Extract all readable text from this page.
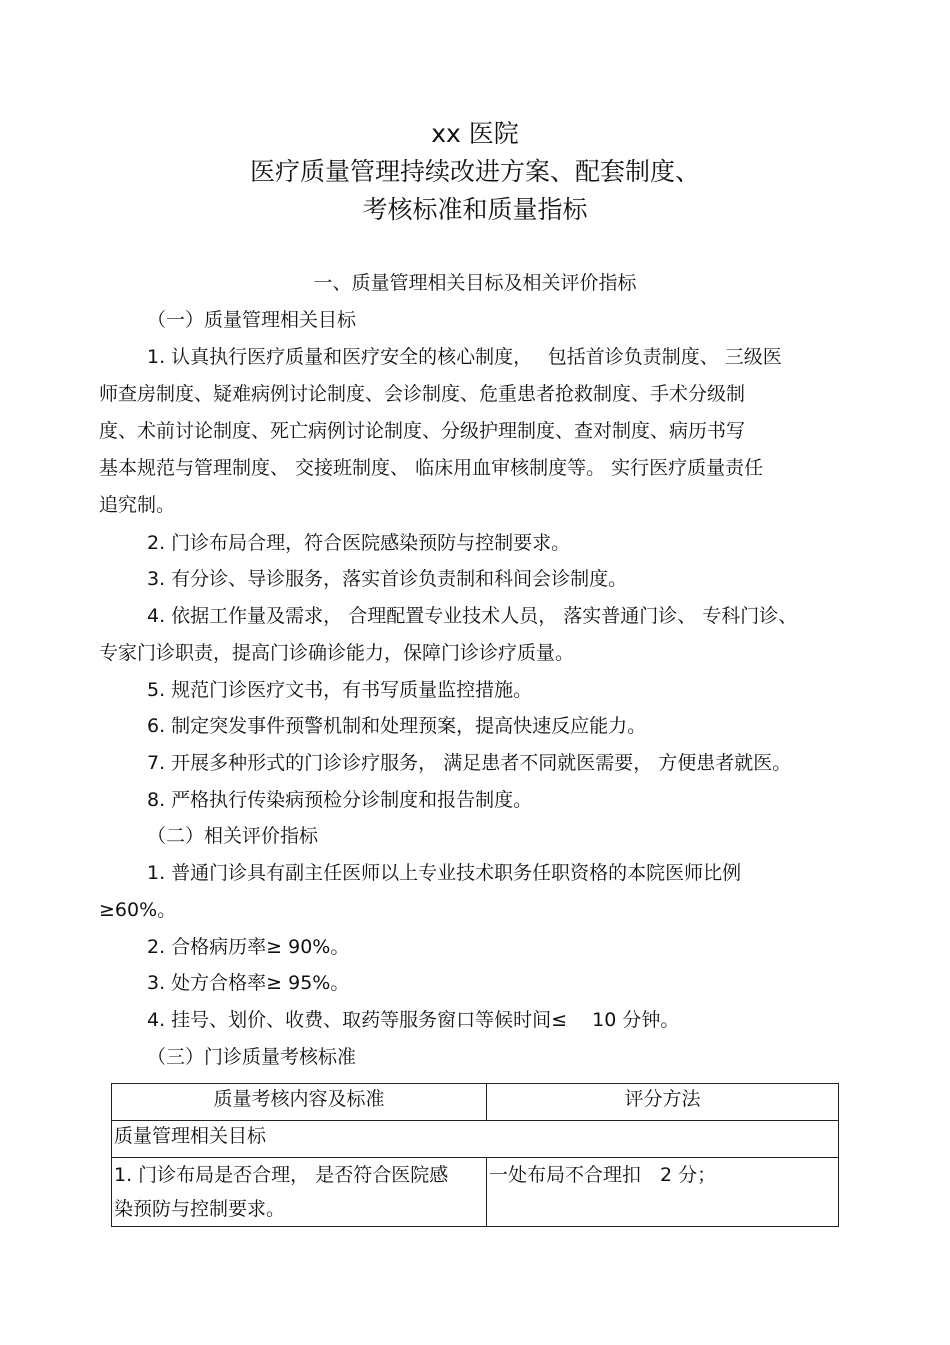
xx 医院
医疗质量管理持续改进方案、配套制度、
考核标准和质量指标
一、质量管理相关目标及相关评价指标
（一）质量管理相关目标
1. 认真执行医疗质量和医疗安全的核心制度，　 包括首诊负责制度、 三级医
师查房制度、疑难病例讨论制度、会诊制度、危重患者抢救制度、手术分级制
度、术前讨论制度、死亡病例讨论制度、分级护理制度、查对制度、病历书写
基本规范与管理制度、 交接班制度、 临床用血审核制度等。 实行医疗质量责任
追究制。
2. 门诊布局合理，符合医院感染预防与控制要求。
3. 有分诊、导诊服务，落实首诊负责制和科间会诊制度。
4. 依据工作量及需求， 合理配置专业技术人员， 落实普通门诊、 专科门诊、
专家门诊职责，提高门诊确诊能力，保障门诊诊疗质量。
5. 规范门诊医疗文书，有书写质量监控措施。
6. 制定突发事件预警机制和处理预案，提高快速反应能力。
7. 开展多种形式的门诊诊疗服务， 满足患者不同就医需要， 方便患者就医。
8. 严格执行传染病预检分诊制度和报告制度。
（二）相关评价指标
1. 普通门诊具有副主任医师以上专业技术职务任职资格的本院医师比例
≥60%。
2. 合格病历率≥ 90%。
3. 处方合格率≥ 95%。
4. 挂号、划价、收费、取药等服务窗口等候时间≤　 10 分钟。
（三）门诊质量考核标准
质量考核内容及标准	评分方法
质量管理相关目标	

1. 门诊布局是否合理， 是否符合医院感
染预防与控制要求。	一处布局不合理扣　2 分；
